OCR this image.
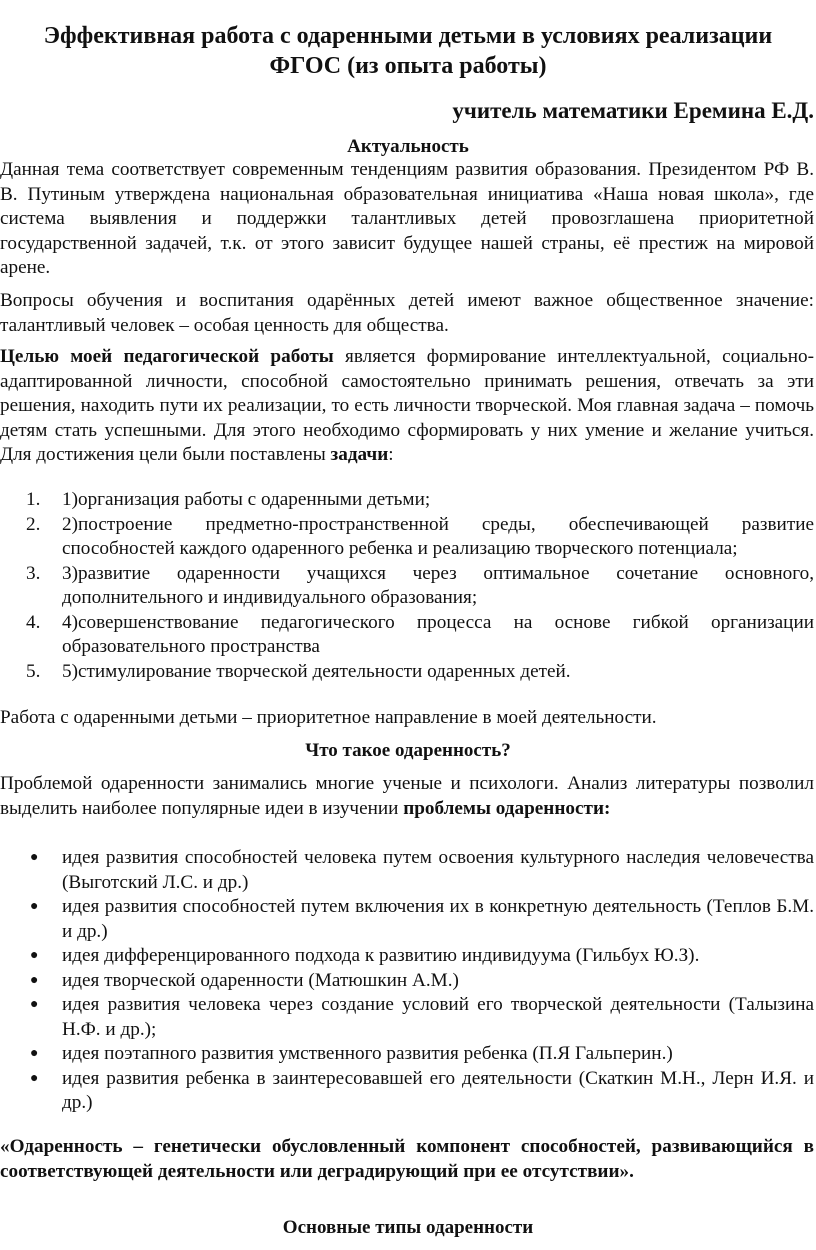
Эффективная работа с одаренными детьми в условиях реализации
ФГОС (из опыта работы)
учитель математики Еремина Е.Д.
Актуальность
Данная тема соответствует современным тенденциям развития образования. Президентом РФ В. В. Путиным утверждена национальная образовательная инициатива «Наша новая школа», где система выявления и поддержки талантливых детей провозглашена приоритетной государственной задачей, т.к. от этого зависит будущее нашей страны, её престиж на мировой арене.
Вопросы обучения и воспитания одарённых детей имеют важное общественное значение: талантливый человек – особая ценность для общества.
Целью моей педагогической работы является формирование интеллектуальной, социально-адаптированной личности, способной самостоятельно принимать решения, отвечать за эти решения, находить пути их реализации, то есть личности творческой. Моя главная задача – помочь детям стать успешными. Для этого необходимо сформировать у них умение и желание учиться. Для достижения цели были поставлены задачи:
1.	1)организация работы с одаренными детьми;
2.	2)построение предметно-пространственной среды, обеспечивающей развитие способностей каждого одаренного ребенка и реализацию творческого потенциала;
3.	3)развитие одаренности учащихся через оптимальное сочетание основного, дополнительного и индивидуального образования;
4.	4)совершенствование педагогического процесса на основе гибкой организации образовательного пространства
5.	5)стимулирование творческой деятельности одаренных детей.
Работа с одаренными детьми – приоритетное направление в моей деятельности.
Что такое одаренность?
Проблемой одаренности занимались многие ученые и психологи. Анализ литературы позволил выделить наиболее популярные идеи в изучении проблемы одаренности:
●	идея развития способностей человека путем освоения культурного наследия человечества (Выготский Л.С. и др.)
●	идея развития способностей путем включения их в конкретную деятельность (Теплов Б.М. и др.)
●	идея дифференцированного подхода к развитию индивидуума (Гильбух Ю.З).
●	идея творческой одаренности (Матюшкин А.М.)
●	идея развития человека через создание условий его творческой деятельности (Талызина Н.Ф. и др.);
●	идея поэтапного развития умственного развития ребенка (П.Я Гальперин.)
●	идея развития ребенка в заинтересовавшей его деятельности (Скаткин М.Н., Лерн И.Я. и др.)
«Одаренность – генетически обусловленный компонент способностей, развивающийся в соответствующей деятельности или деградирующий при ее отсутствии».
Основные типы одаренности
